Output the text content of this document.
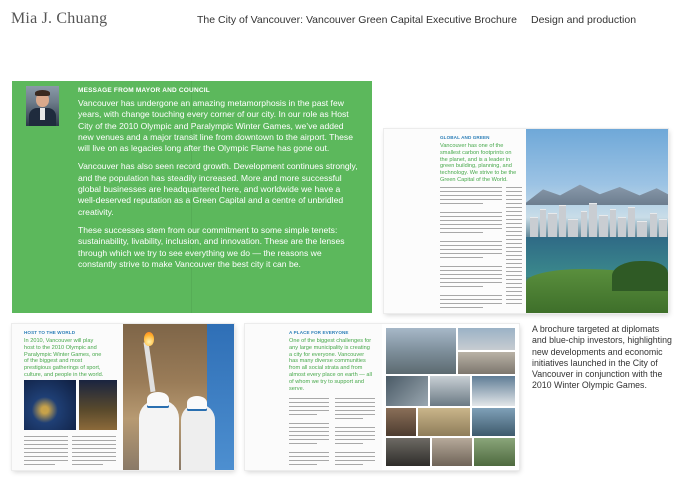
Mia J. Chuang	The City of Vancouver: Vancouver Green Capital Executive Brochure Design and production
MESSAGE FROM MAYOR AND COUNCIL

Vancouver has undergone an amazing metamorphosis in the past few years, with change touching every corner of our city. In our role as Host City of the 2010 Olympic and Paralympic Winter Games, we’ve added new venues and a major transit line from downtown to the airport. These will live on as legacies long after the Olympic Flame has gone out.

Vancouver has also seen record growth. Development continues strongly, and the population has steadily increased. More and more successful global businesses are headquartered here, and worldwide we have a well-deserved reputation as a Green Capital and a centre of unbridled creativity.

These successes stem from our commitment to some simple tenets: sustainability, livability, inclusion, and innovation. These are the lenses through which we try to see everything we do — the reasons we constantly strive to make Vancouver the best city it can be.

GLOBAL AND GREEN
Vancouver has one of the smallest carbon footprints on the planet, and is a leader in green building, planning, and technology. We strive to be the Green Capital of the World.
HOST TO THE WORLD
In 2010, Vancouver will play host to the 2010 Olympic and Paralympic Winter Games, one of the biggest and most prestigious gatherings of sport, culture, and people in the world.
A PLACE FOR EVERYONE
One of the biggest challenges for any large municipality is creating a city for everyone. Vancouver has many diverse communities from all social strata and from almost every place on earth — all of whom we try to support and serve.
A brochure targeted at diplomats and blue-chip investors, highlighting new developments and economic initiatives launched in the City of Vancouver in conjunction with the 2010 Winter Olympic Games.
